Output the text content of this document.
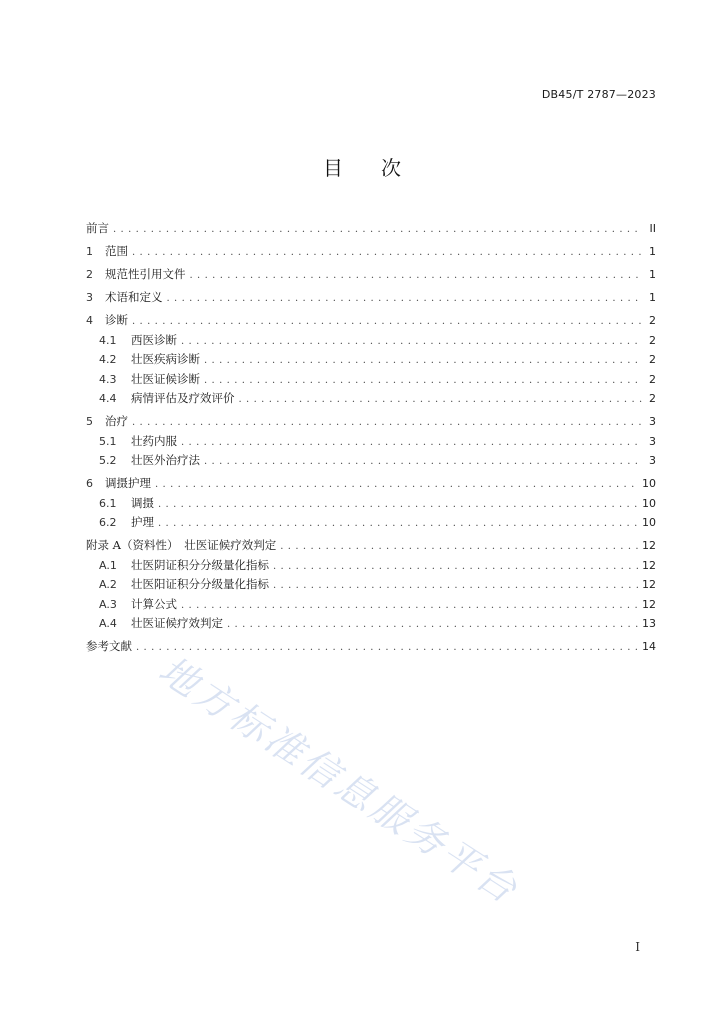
DB45/T 2787—2023
目 次
前言 . . .	II
1	范围 . . .	1
2	规范性引用文件 . . .	1
3	术语和定义 . . .	1
4	诊断 . . .	2
4.1	西医诊断 . . .	2
4.2	壮医疾病诊断 . . .	2
4.3	壮医证候诊断 . . .	2
4.4	病情评估及疗效评价 . . .	2
5	治疗 . . .	3
5.1	壮药内服 . . .	3
5.2	壮医外治疗法 . . .	3
6	调摄护理 . . .	10
6.1	调摄 . . .	10
6.2	护理 . . .	10
附录 A（资料性）　壮医证候疗效判定 . . .	12
A.1	壮医阴证积分分级量化指标 . . .	12
A.2	壮医阳证积分分级量化指标 . . .	12
A.3	计算公式 . . .	12
A.4	壮医证候疗效判定 . . .	13
参考文献 . . .	14
地方标准信息服务平台
I
